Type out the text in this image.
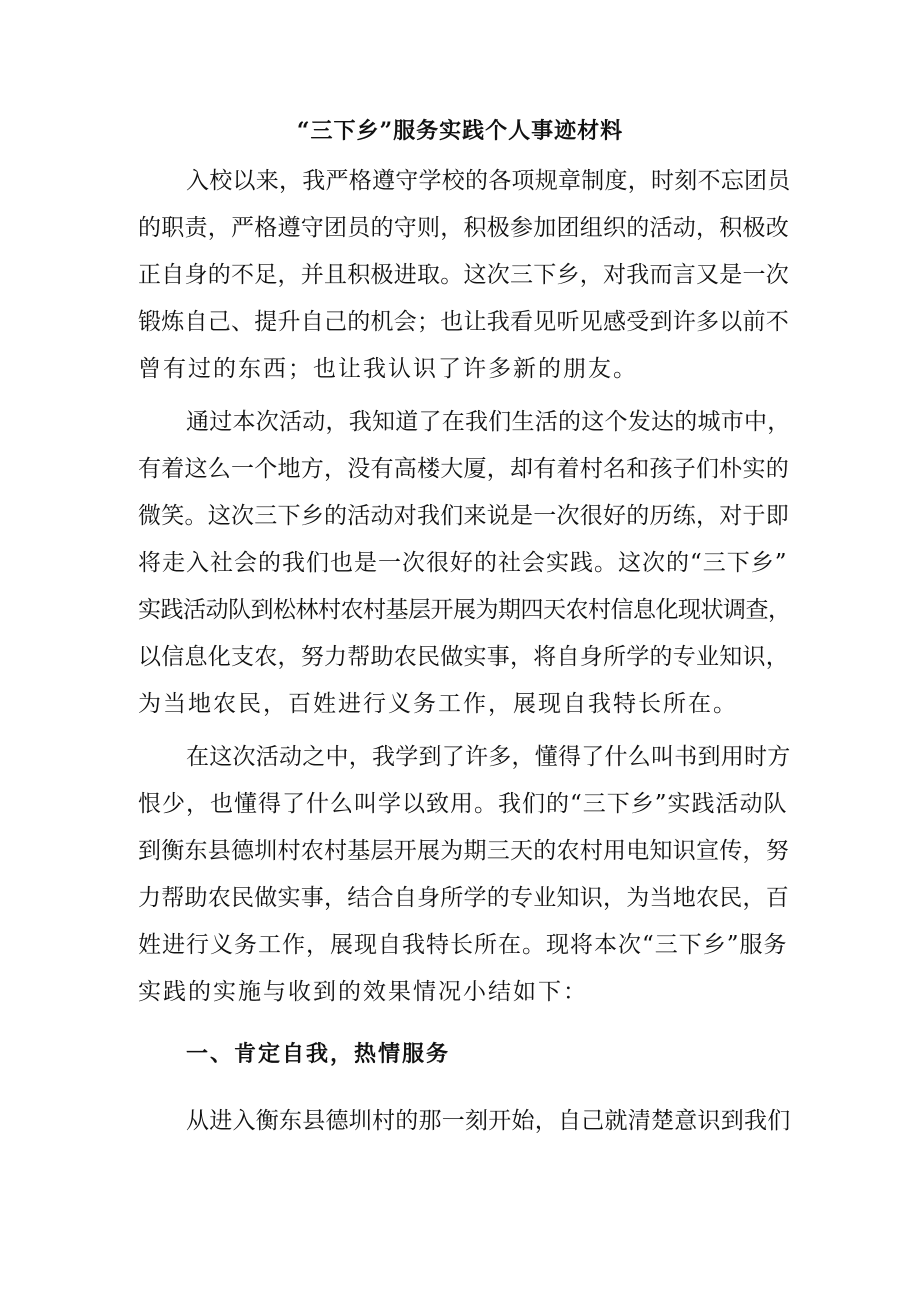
“三下乡”服务实践个人事迹材料
入校以来，我严格遵守学校的各项规章制度，时刻不忘团员
的职责，严格遵守团员的守则，积极参加团组织的活动，积极改
正自身的不足，并且积极进取。这次三下乡，对我而言又是一次
锻炼自己、提升自己的机会；也让我看见听见感受到许多以前不
曾有过的东西；也让我认识了许多新的朋友。
通过本次活动，我知道了在我们生活的这个发达的城市中，
有着这么一个地方，没有高楼大厦，却有着村名和孩子们朴实的
微笑。这次三下乡的活动对我们来说是一次很好的历练，对于即
将走入社会的我们也是一次很好的社会实践。这次的“三下乡”
实践活动队到松林村农村基层开展为期四天农村信息化现状调查，
以信息化支农，努力帮助农民做实事，将自身所学的专业知识，
为当地农民，百姓进行义务工作，展现自我特长所在。
在这次活动之中，我学到了许多，懂得了什么叫书到用时方
恨少，也懂得了什么叫学以致用。我们的“三下乡”实践活动队
到衡东县德圳村农村基层开展为期三天的农村用电知识宣传，努
力帮助农民做实事，结合自身所学的专业知识，为当地农民，百
姓进行义务工作，展现自我特长所在。现将本次“三下乡”服务
实践的实施与收到的效果情况小结如下：
一、肯定自我，热情服务
从进入衡东县德圳村的那一刻开始，自己就清楚意识到我们
